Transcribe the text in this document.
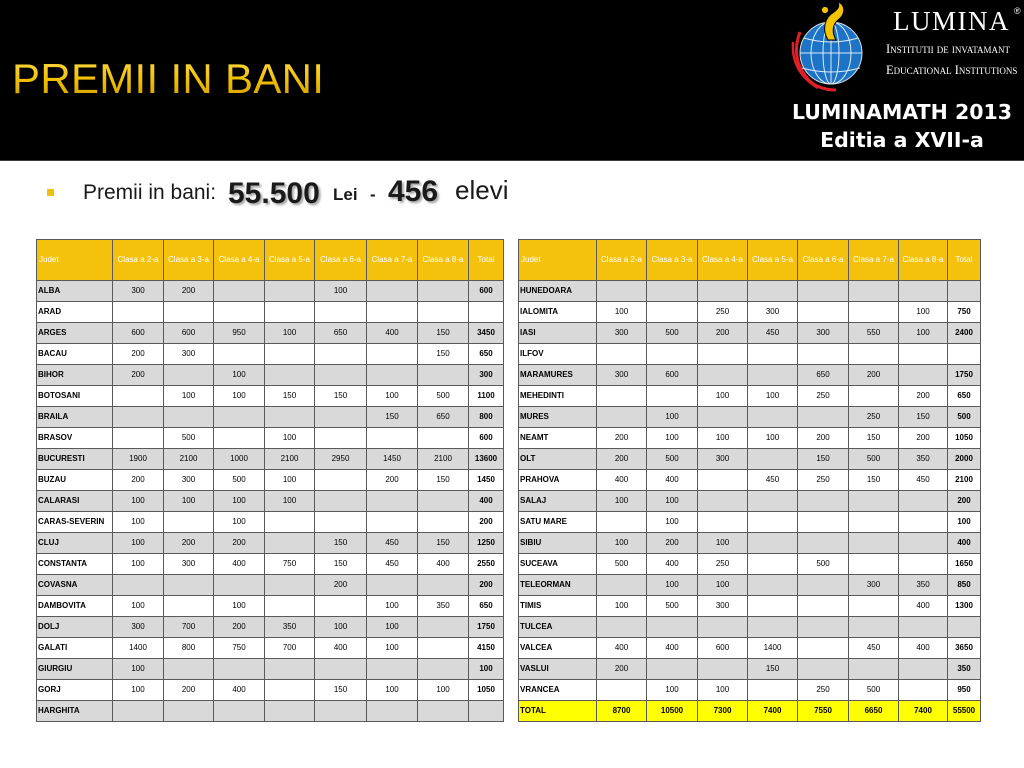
PREMII IN BANI
LUMINA ®
Institutii de invatamant
Educational Institutions
LUMINAMATH 2013
Editia a XVII-a
Premii in bani: 55.500 Lei - 456 elevi
Judet	Clasa a 2-a	Clasa a 3-a	Clasa a 4-a	Clasa a 5-a	Clasa a 6-a	Clasa a 7-a	Clasa a 8-a	Total
ALBA	300	200			100			600
ARAD								
ARGES	600	600	950	100	650	400	150	3450
BACAU	200	300					150	650
BIHOR	200		100					300
BOTOSANI		100	100	150	150	100	500	1100
BRAILA						150	650	800
BRASOV		500		100				600
BUCURESTI	1900	2100	1000	2100	2950	1450	2100	13600
BUZAU	200	300	500	100		200	150	1450
CALARASI	100	100	100	100				400
CARAS-SEVERIN	100		100					200
CLUJ	100	200	200		150	450	150	1250
CONSTANTA	100	300	400	750	150	450	400	2550
COVASNA					200			200
DAMBOVITA	100		100			100	350	650
DOLJ	300	700	200	350	100	100		1750
GALATI	1400	800	750	700	400	100		4150
GIURGIU	100							100
GORJ	100	200	400		150	100	100	1050
HARGHITA								
Judet	Clasa a 2-a	Clasa a 3-a	Clasa a 4-a	Clasa a 5-a	Clasa a 6-a	Clasa a 7-a	Clasa a 8-a	Total
HUNEDOARA								
IALOMITA	100		250	300			100	750
IASI	300	500	200	450	300	550	100	2400
ILFOV								
MARAMURES	300	600			650	200		1750
MEHEDINTI			100	100	250		200	650
MURES		100				250	150	500
NEAMT	200	100	100	100	200	150	200	1050
OLT	200	500	300		150	500	350	2000
PRAHOVA	400	400		450	250	150	450	2100
SALAJ	100	100						200
SATU MARE		100						100
SIBIU	100	200	100					400
SUCEAVA	500	400	250		500			1650
TELEORMAN		100	100			300	350	850
TIMIS	100	500	300				400	1300
TULCEA								
VALCEA	400	400	600	1400		450	400	3650
VASLUI	200			150				350
VRANCEA		100	100		250	500		950
TOTAL	8700	10500	7300	7400	7550	6650	7400	55500
